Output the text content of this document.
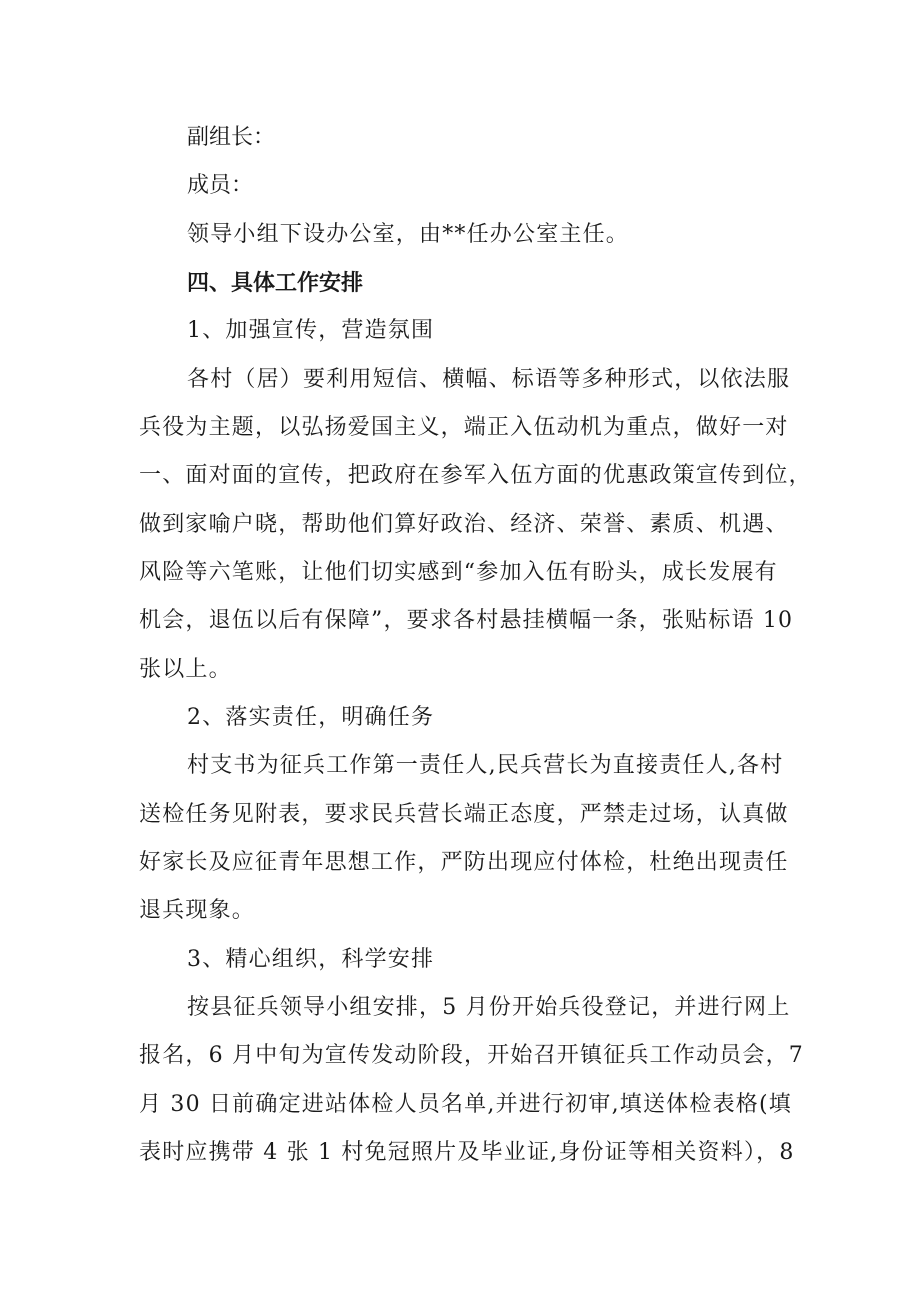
副组长：

成员：

领导小组下设办公室，由**任办公室主任。

四、具体工作安排

1、加强宣传，营造氛围

各村（居）要利用短信、横幅、标语等多种形式，以依法服

兵役为主题，以弘扬爱国主义，端正入伍动机为重点，做好一对

一、面对面的宣传，把政府在参军入伍方面的优惠政策宣传到位，

做到家喻户晓，帮助他们算好政治、经济、荣誉、素质、机遇、

风险等六笔账，让他们切实感到“参加入伍有盼头，成长发展有

机会，退伍以后有保障”，要求各村悬挂横幅一条，张贴标语 10

张以上。

2、落实责任，明确任务

村支书为征兵工作第一责任人,民兵营长为直接责任人,各村

送检任务见附表，要求民兵营长端正态度，严禁走过场，认真做

好家长及应征青年思想工作，严防出现应付体检，杜绝出现责任

退兵现象。

3、精心组织，科学安排

按县征兵领导小组安排，5 月份开始兵役登记，并进行网上

报名，6 月中旬为宣传发动阶段，开始召开镇征兵工作动员会，7

月 30 日前确定进站体检人员名单,并进行初审,填送体检表格(填

表时应携带 4 张 1 村免冠照片及毕业证,身份证等相关资料），8
